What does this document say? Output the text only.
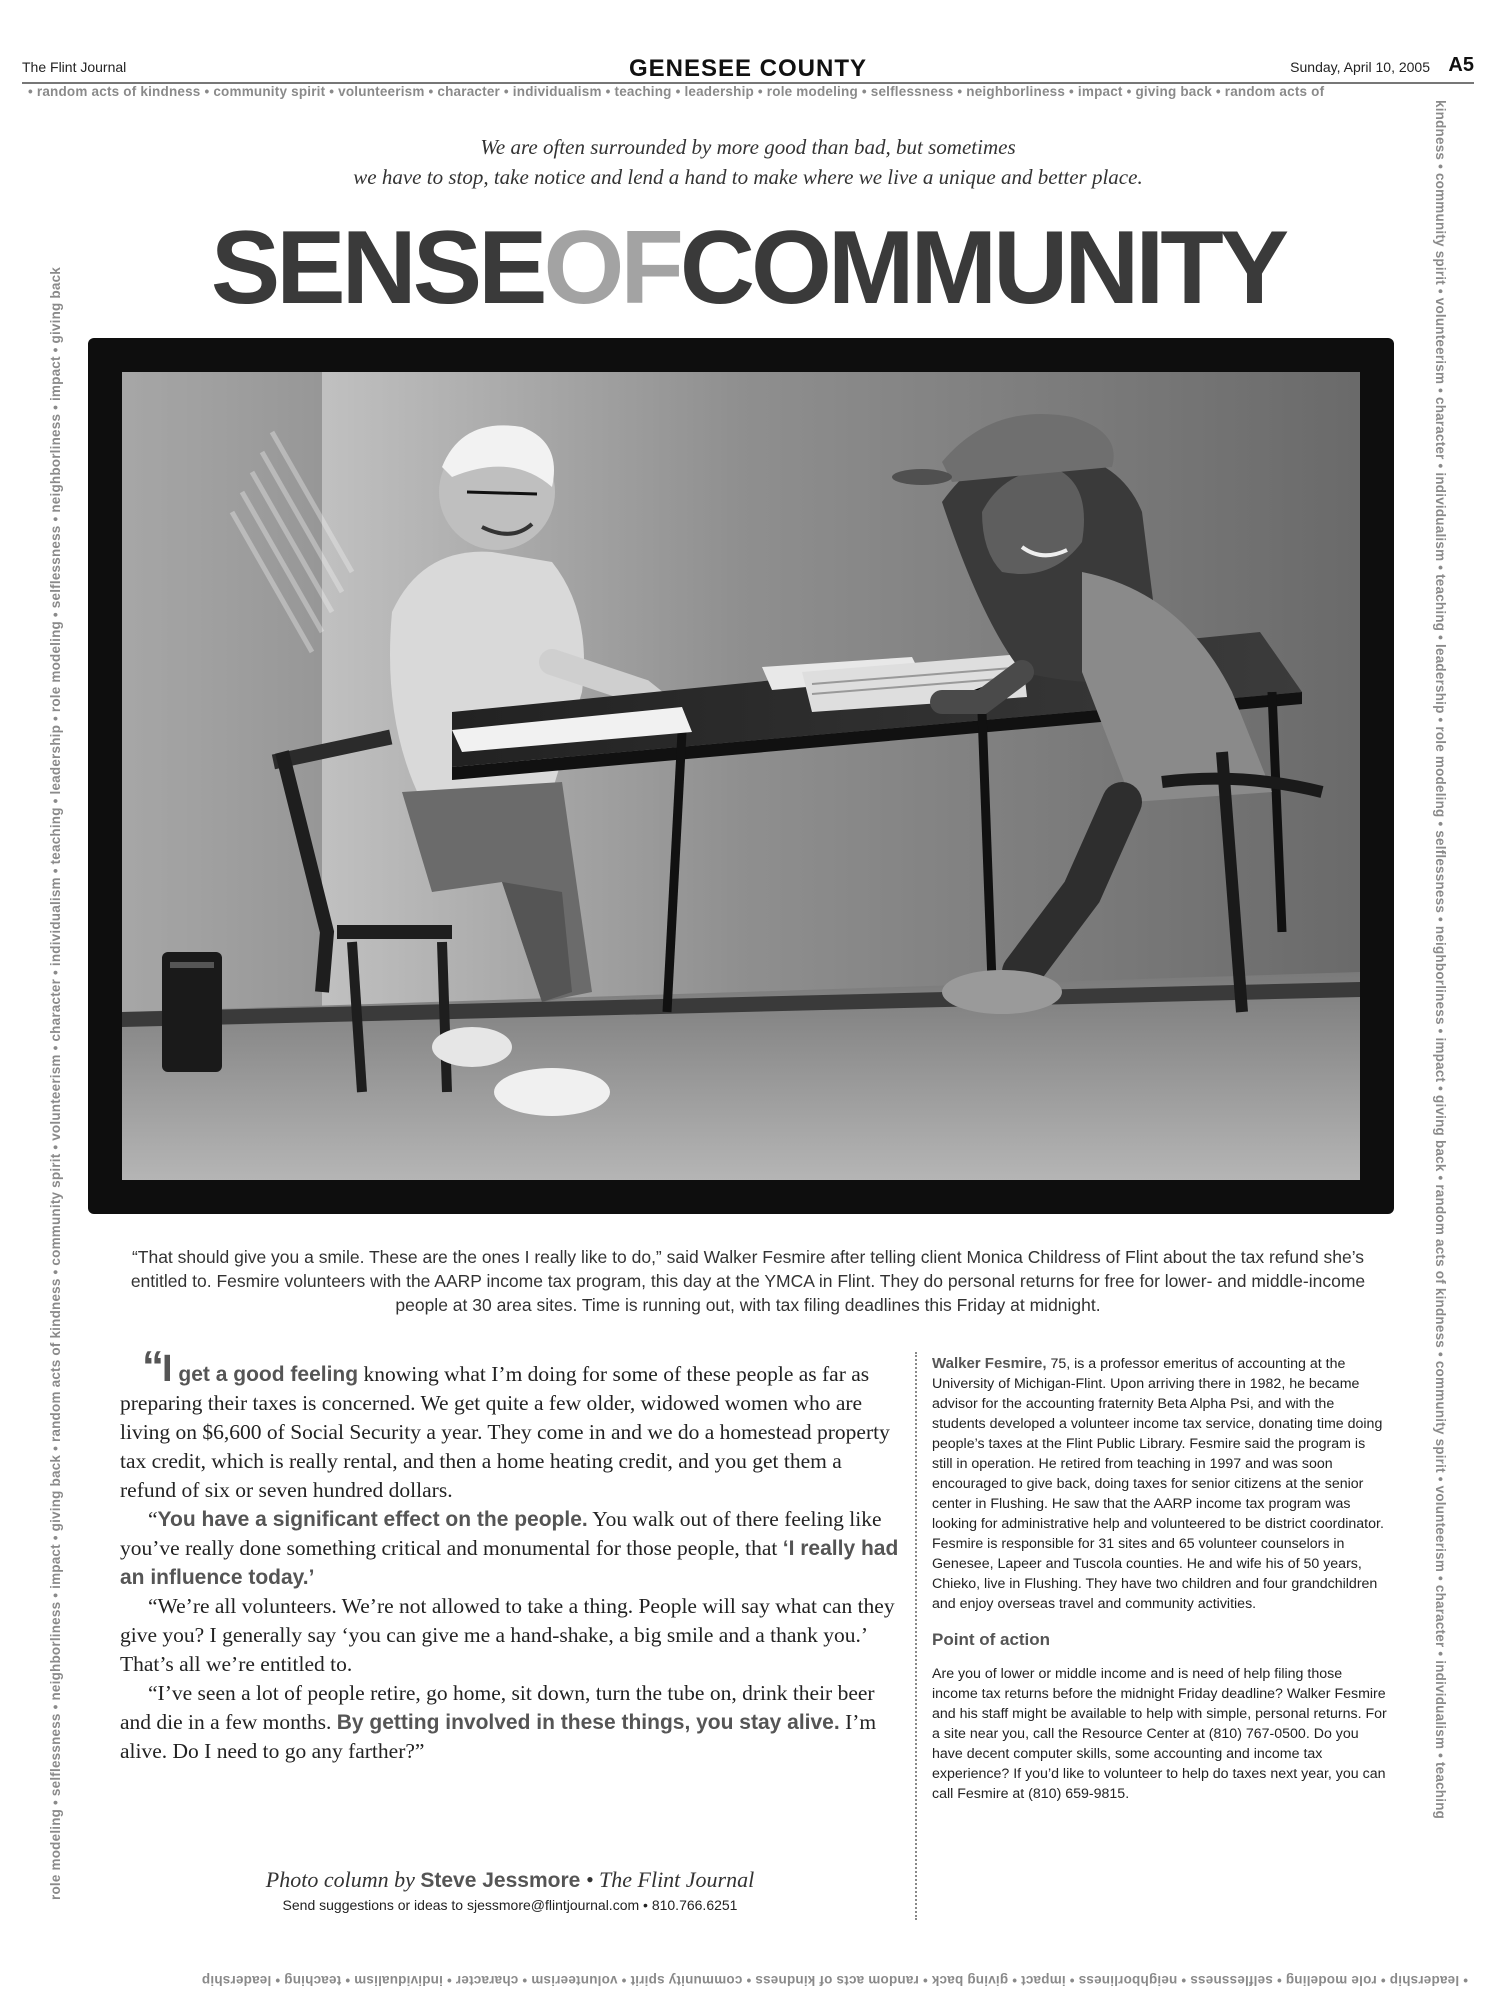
The Flint Journal	GENESEE COUNTY	Sunday, April 10, 2005 A5
• random acts of kindness • community spirit • volunteerism • character • individualism • teaching • leadership • role modeling • selflessness • neighborliness • impact • giving back • random acts of
kindness • community spirit • volunteerism • character • individualism • teaching • leadership • role modeling • selflessness • neighborliness • impact • giving back • random acts of kindness • community spirit • volunteerism • character • individualism • teaching
• leadership • role modeling • selflessness • neighborliness • impact • giving back • random acts of kindness • community spirit • volunteerism • character • individualism • teaching • leadership
role modeling • selflessness • neighborliness • impact • giving back • random acts of kindness • community spirit • volunteerism • character • individualism • teaching • leadership • role modeling • selflessness • neighborliness • impact • giving back
We are often surrounded by more good than bad, but sometimes
we have to stop, take notice and lend a hand to make where we live a unique and better place.
SENSEOFCOMMUNITY
“That should give you a smile. These are the ones I really like to do,” said Walker Fesmire after telling client Monica Childress of Flint about the tax refund she’s entitled to. Fesmire volunteers with the AARP income tax program, this day at the YMCA in Flint. They do personal returns for free for lower- and middle-income people at 30 area sites. Time is running out, with tax filing deadlines this Friday at midnight.

“I get a good feeling knowing what I’m doing for some of these people as far as preparing their taxes is concerned. We get quite a few older, widowed women who are living on $6,600 of Social Security a year. They come in and we do a homestead property tax credit, which is really rental, and then a home heating credit, and you get them a refund of six or seven hundred dollars.

“You have a significant effect on the people. You walk out of there feeling like you’ve really done something critical and monumental for those people, that ‘I really had an influence today.’

“We’re all volunteers. We’re not allowed to take a thing. People will say what can they give you? I generally say ‘you can give me a hand-shake, a big smile and a thank you.’ That’s all we’re entitled to.

“I’ve seen a lot of people retire, go home, sit down, turn the tube on, drink their beer and die in a few months. By getting involved in these things, you stay alive. I’m alive. Do I need to go any farther?”

Photo column by Steve Jessmore • The Flint Journal
Send suggestions or ideas to sjessmore@flintjournal.com • 810.766.6251

Walker Fesmire, 75, is a professor emeritus of accounting at the University of Michigan-Flint. Upon arriving there in 1982, he became advisor for the accounting fraternity Beta Alpha Psi, and with the students developed a volunteer income tax service, donating time doing people’s taxes at the Flint Public Library. Fesmire said the program is still in operation. He retired from teaching in 1997 and was soon encouraged to give back, doing taxes for senior citizens at the senior center in Flushing. He saw that the AARP income tax program was looking for administrative help and volunteered to be district coordinator. Fesmire is responsible for 31 sites and 65 volunteer counselors in Genesee, Lapeer and Tuscola counties. He and wife his of 50 years, Chieko, live in Flushing. They have two children and four grandchildren and enjoy overseas travel and community activities.

Point of action

Are you of lower or middle income and is need of help filing those income tax returns before the midnight Friday deadline? Walker Fesmire and his staff might be available to help with simple, personal returns. For a site near you, call the Resource Center at (810) 767-0500. Do you have decent computer skills, some accounting and income tax experience? If you’d like to volunteer to help do taxes next year, you can call Fesmire at (810) 659-9815.
